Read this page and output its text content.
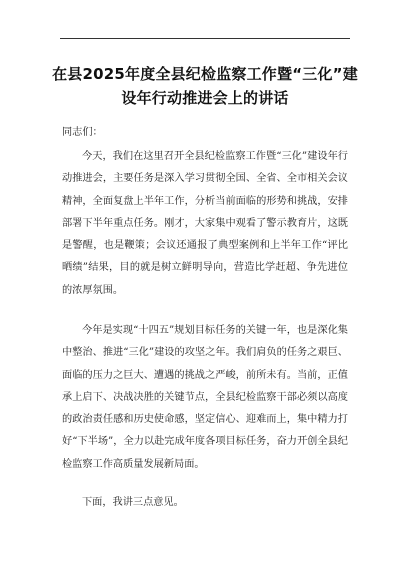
在县2025年度全县纪检监察工作暨“三化”建设年行动推进会上的讲话
同志们：
今天，我们在这里召开全县纪检监察工作暨“三化”建设年行动推进会，主要任务是深入学习贯彻全国、全省、全市相关会议精神，全面复盘上半年工作，分析当前面临的形势和挑战，安排部署下半年重点任务。刚才，大家集中观看了警示教育片，这既是警醒，也是鞭策；会议还通报了典型案例和上半年工作“评比晒绩”结果，目的就是树立鲜明导向，营造比学赶超、争先进位的浓厚氛围。
今年是实现“十四五”规划目标任务的关键一年，也是深化集中整治、推进“三化”建设的攻坚之年。我们肩负的任务之艰巨、面临的压力之巨大、遭遇的挑战之严峻，前所未有。当前，正值承上启下、决战决胜的关键节点，全县纪检监察干部必须以高度的政治责任感和历史使命感，坚定信心、迎难而上，集中精力打好“下半场”，全力以赴完成年度各项目标任务，奋力开创全县纪检监察工作高质量发展新局面。
下面，我讲三点意见。
